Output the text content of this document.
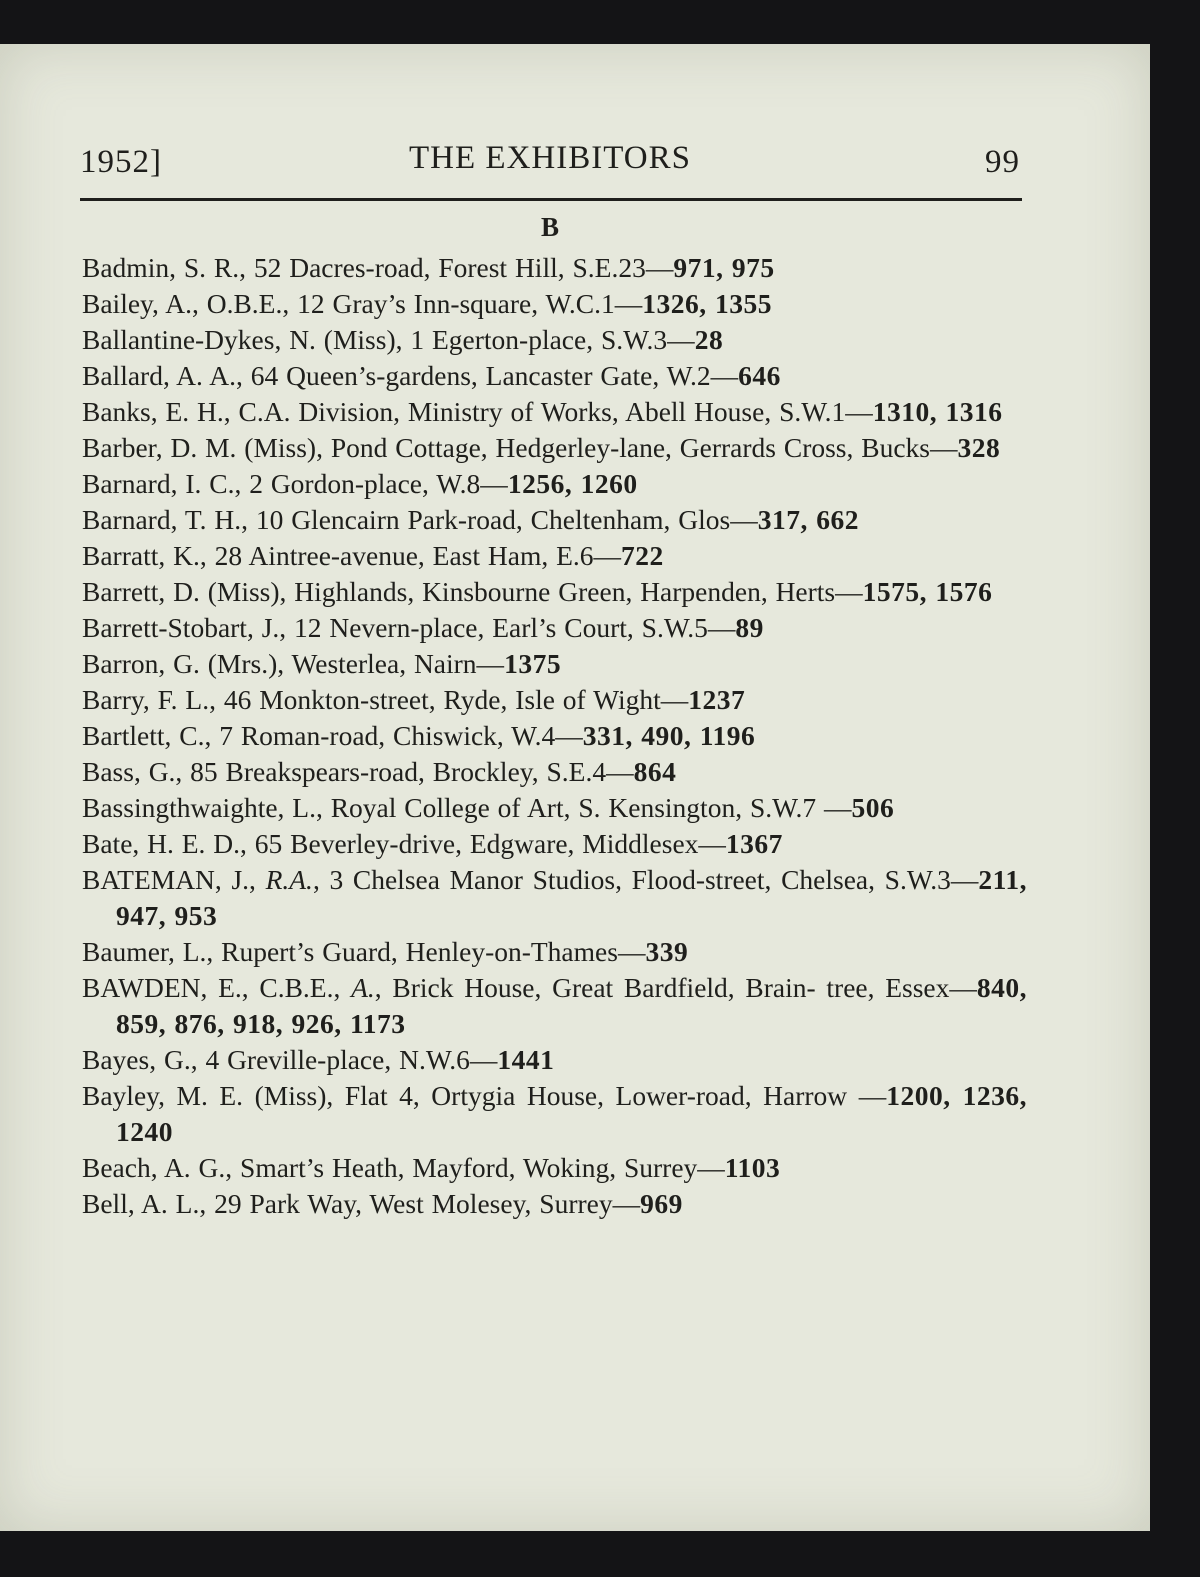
1952]	THE EXHIBITORS	99
B
Badmin, S. R., 52 Dacres-road, Forest Hill, S.E.23—971, 975
Bailey, A., O.B.E., 12 Gray’s Inn-square, W.C.1—1326, 1355
Ballantine-Dykes, N. (Miss), 1 Egerton-place, S.W.3—28
Ballard, A. A., 64 Queen’s-gardens, Lancaster Gate, W.2—646
Banks, E. H., C.A. Division, Ministry of Works, Abell House, S.W.1—1310, 1316
Barber, D. M. (Miss), Pond Cottage, Hedgerley-lane, Gerrards Cross, Bucks—328
Barnard, I. C., 2 Gordon-place, W.8—1256, 1260
Barnard, T. H., 10 Glencairn Park-road, Cheltenham, Glos—317, 662
Barratt, K., 28 Aintree-avenue, East Ham, E.6—722
Barrett, D. (Miss), Highlands, Kinsbourne Green, Harpenden, Herts—1575, 1576
Barrett-Stobart, J., 12 Nevern-place, Earl’s Court, S.W.5—89
Barron, G. (Mrs.), Westerlea, Nairn—1375
Barry, F. L., 46 Monkton-street, Ryde, Isle of Wight—1237
Bartlett, C., 7 Roman-road, Chiswick, W.4—331, 490, 1196
Bass, G., 85 Breakspears-road, Brockley, S.E.4—864
Bassingthwaighte, L., Royal College of Art, S. Kensington, S.W.7 —506
Bate, H. E. D., 65 Beverley-drive, Edgware, Middlesex—1367
BATEMAN, J., R.A., 3 Chelsea Manor Studios, Flood-street, Chelsea, S.W.3—211, 947, 953
Baumer, L., Rupert’s Guard, Henley-on-Thames—339
BAWDEN, E., C.B.E., A., Brick House, Great Bardfield, Brain- tree, Essex—840, 859, 876, 918, 926, 1173
Bayes, G., 4 Greville-place, N.W.6—1441
Bayley, M. E. (Miss), Flat 4, Ortygia House, Lower-road, Harrow —1200, 1236, 1240
Beach, A. G., Smart’s Heath, Mayford, Woking, Surrey—1103
Bell, A. L., 29 Park Way, West Molesey, Surrey—969
